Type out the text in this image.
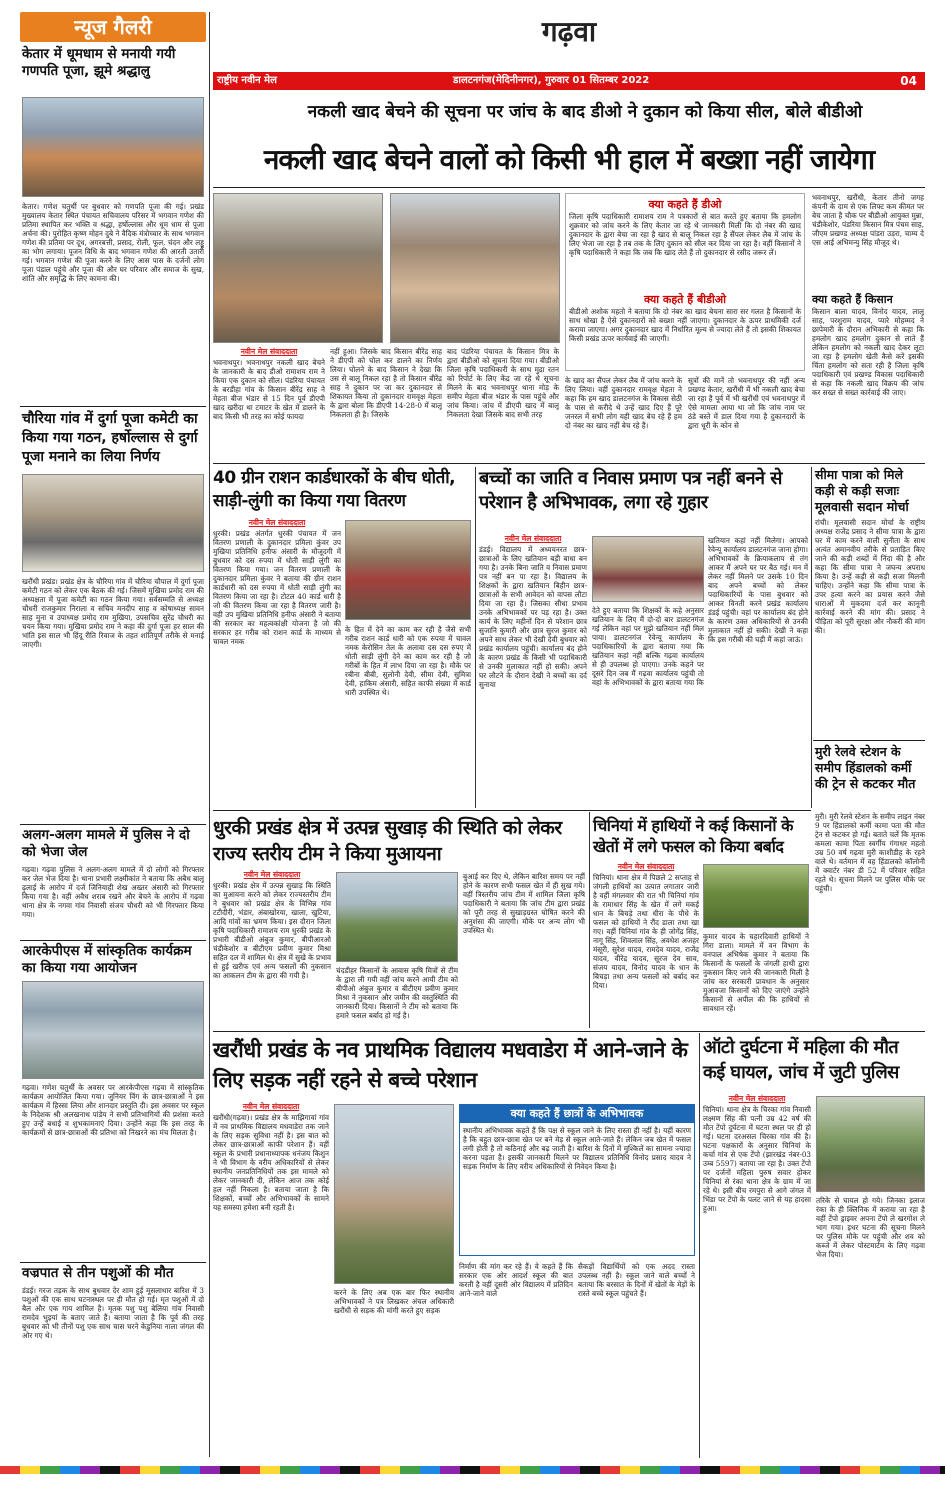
न्यूज गैलरी
केतार में धूमधाम से मनायी गयी गणपति पूजा, झूमे श्रद्धालु
केतार। गणेश चतुर्थी पर बुधवार को गणपति पूजा की गई। प्रखंड मुख्यालय केतार स्थित पंचायत सचिवालय परिसर में भगवान गणेश की प्रतिमा स्थापित कर भक्ति व श्रद्धा, हर्षोल्लास और धूम धाम से पूजा अर्चना की। पुरोहित कृष्ण मोहन दुबे ने वैदिक मंत्रोच्चार के साथ भगवान गणेश की प्रतिमा पर दूध, अगरबत्ती, प्रसाद, रोली, फूल, चंदन और लड्डू का भोग लगाया। पूजन विधि के बाद भगवान गणेश की आरती उतारी गई। भगवान गणेश की पूजा करने के लिए आस पास के दर्जनों लोग पूजा पंडाल पहुंचे और पूजा की और घर परिवार और समाज के सुख, शांति और समृद्धि के लिए कामना की।
चौरिया गांव में दुर्गा पूजा कमेटी का किया गया गठन, हर्षोल्लास से दुर्गा पूजा मनाने का लिया निर्णय
खरौंधी प्रखंड। प्रखंड क्षेत्र के चौरिया गांव में चौरिया चौपाल में दुर्गा पूजा कमेटी गठन को लेकर एक बैठक की गई। जिसमें मुखिया प्रमोद राम की अध्यक्षता में पूजा कमेटी का गठन किया गया। सर्वसम्मति से अध्यक्ष चौधरी राजकुमार निराला व सचिव मनदीप साह व कोषाध्यक्ष सावन साह मुना व उपाध्यक्ष प्रमोद राम मुखिया, उपसचिव सुरेंद्र चौधरी का चयन किया गया। मुखिया प्रमोद राम ने कहा की दुर्गा पूजा हर साल की भांति इस साल भी हिंदू रीति रिवाज के तहत शांतिपूर्ण तरीके से मनाई जाएगी।
अलग-अलग मामले में पुलिस ने दो को भेजा जेल
गढ़वा। गढ़वा पुलिस ने अलग-अलग मामले में दो लोगों को गिरफ्तार कर जेल भेज दिया है। थाना प्रभारी लक्ष्मीकांत ने बताया कि अबैध बालू ढ़ुलाई के आरोप में दर्ज जिनियाही शेख अख्तर अंसारी को गिरफ्तार किया गया है। वहीं अवैध शराब रखने और बेचने के आरोप में गढ़वा थाना क्षेत्र के नगवा गांव निवासी संजय चौधरी को भी गिरफ्तार किया गया।
आरकेपीएस में सांस्कृतिक कार्यक्रम का किया गया आयोजन
गढ़वा। गणेश चतुर्थी के अवसर पर आरकेपीएस गढ़वा में सांस्कृतिक कार्यक्रम आयोजित किया गया। जुनियर विंग के छात्र-छात्राओं ने इस कार्यक्रम में हिस्सा लिया और शानदार प्रस्तुति दी। इस अवसर पर स्कूल के निदेशक श्री अलखनाथ पांडेय ने सभी प्रतिभागियों की प्रशंसा करते हुए उन्हें बधाई व शुभकामनाएं दिया। उन्होंने कहा कि इस तरह के कार्यक्रमों से छात्र-छात्राओं की प्रतिभा को निखरने का मंच मिलता है।
वज्रपात से तीन पशुओं की मौत
डंडई। गरज तड़क के साथ बुधवार देर शाम हुई मूसलाधार बारिश में 3 पशुओं की एक साथ घटनास्थल पर ही मौत हो गई। मृत पशुओं में दो बैल और एक गाय शामिल है। मृतक पशु पशु बेलिया गांव निवासी रामदेव भुइयां के बताए जाते हैं। बताया जाता है कि पूर्व की तरह बुधवार को भी तीनों पशु एक साथ चास चरने केडुनिया नाला जंगल की ओर गए थे।
गढ़वा
राष्ट्रीय नवीन मेल	डालटनगंज(मेदिनीनगर), गुरुवार 01 सितम्बर 2022	04
नकली खाद बेचने की सूचना पर जांच के बाद डीओ ने दुकान को किया सील, बोले बीडीओ
नकली खाद बेचने वालों को किसी भी हाल में बख्शा नहीं जायेगा
नवीन मेल संवाददाता
भवनाथपुर। भवनाथपुर नकली खाद बेचने के जानकारी के बाद डीओ रामाशय राम ने किया एक दुकान को सील। पंडरिया पंचायत के बरडीहा गांव के किसान बीरेंद्र साह ने मेहता बीज भंडार से 15 दिन पूर्व डीएपी खाद खरीदा था टमाटर के खेत में डालने के बाद किसी भी तरह का कोई फायदा
नहीं हुआ। जिसके बाद किसान बीरेंद्र साह ने डीएपी को घोल कर डालने का निर्णय लिया। घोलने के बाद किसान ने देखा कि उस से बालू निकल रहा है तो किसान बीरेंद्र साह ने दुकान पर जा कर दुकानदार से शिकायत किया तो दुकानदार रामवृक्ष मेहता के द्वारा बोला कि डीएपी 14-28-0 में बालू निकलता ही है। जिसके
बाद पंडरिया पंचायत के किसान मित्र के द्वारा बीडीओ को सूचना दिया गया। बीडीओ जिला कृषि पदाधिकारी के साथ मुद्रा रतन को रिपोर्ट के लिए केंद्र जा रहे थे सूचना मिलने के बाद भवनाथपुर थाना मोड़ के समीप मेहता बीज भंडार के पास पहुंचे और जांच किया। जांच में डीएपी खाद में बालू निकलता देखा जिसके बाद सभी तरह
क्या कहते हैं डीओ
जिला कृषि पदाधिकारी रामाशय राम ने पत्रकारों से बात करते हुए बताया कि हमलोग शुक्रवार को जांच करने के लिए केतार जा रहे थे जानकारी मिली कि दो नंबर की खाद दुकानदार के द्वारा बेचा जा रहा है खाद से बालू निकल रहा है सैंपल लेकर लैब में जांच के लिए भेजा जा रहा है तब तक के लिए दुकान को सील कर दिया जा रहा है। वहीं किसानों ने कृषि पदाधिकारी ने कहा कि जब कि खाद लेते हैं तो दुकानदार से रसीद जरूर लें।
क्या कहते हैं बीडीओ
बीडीओ अशोक महतो ने बताया कि दो नंबर का खाद बेचना सारा सर गलत है किसानों के साथ धोखा है ऐसे दुकानदारों को बख्शा नहीं जाएगा। दुकानदार के ऊपर प्राथमिकी दर्ज कराया जाएगा। अगर दुकानदार खाद में निर्धारित मूल्य से ज्यादा लेते हैं तो इसकी शिकायत किसी प्रखंड ऊपर कार्यवाई की जाएगी।
के खाद का सैंपल लेकर लैब में जांच करने के लिए लिया। वहीं दुकानदार रामवृक्ष मेहता ने कहा कि हम खाद डालटनगंज के विकास सेठी के पास से करीदे थे उन्हें खाद दिए हैं पूरे जनरल में सभी लोग यही खाद बेच रहे हैं हम दो नंबर का खाद नहीं बेच रहे हैं।
सूत्रों की मानें तो भवनाथपुर की नहीं अन्य प्रखण्ड केतार, खरौंधी में भी नकली खाद बेचा जा रहा है पूर्व में भी खरौंधी एवं भवनाथपुर में ऐसे मामला आया था जो कि जांच नाम पर ठंडे बस्ते में डाल दिया गया है दुकानदारों के द्वारा धूरी के कोन से
भवनाथपुर, खरौंधी, केतार तीनो जगह कंपनी के दाम से एक लिफ्ट कम कीमत पर बेच जाता है चौक पर बीडीओ आयुक्त मुन्ना, चंडीकेशोर, पंडरिया किसान मित्र पंचम साह, जीएम प्रखण्ड अध्यक्ष पांडरा उड़रा, चाम्य दे एस आई अभिमन्यु सिंह मौजूद थे।
क्या कहते हैं किसान
किसान बाला यादव, विनोद यादव, लालू साह, परशुराम यादव, प्यारे मोहम्मद ने छापेमारी के दौरान अभिकारी से कहा कि हमलोग खाद हमलोग दुकान से लाते हैं लेकिन हमलोग को नकली खाद देकर लूटा जा रहा है हमलोग खेती कैसे करें इसकी चिंता हमलोग को सता रही है जिला कृषि पदाधिकारी एवं प्रखण्ड विकास पदाधिकारी से कहा कि नकली खाद विक्रय की जांच कर सख्त से सख्त कार्रवाई की जाए।
40 ग्रीन राशन कार्डधारकों के बीच धोती, साड़ी-लुंगी का किया गया वितरण
नवीन मेल संवाददाता
धुरकी। प्रखंड अंतर्गत धुरकी पंचायत में जन वितरण प्रणाली के दुकानदार प्रमिला कुंवर उप मुखिया प्रतिनिधि हनीफ अंसारी के मौजूदगी में बुधवार को दस रुपया में धोती साड़ी लुंगी का वितरण किया गया। जन वितरण प्रणाली के दुकानदार प्रमिला कुंवर ने बताया की ग्रीन राशन कार्डधारी को दस रुपया में धोती साड़ी लुंगी का वितरण किया जा रहा है। टोटल 40 कार्ड धारी है जो की वितरण किया जा रहा है वितरण जारी है। वही उप मुखिया प्रतिनिधि हनीफ अंसारी ने बताया की सरकार का महत्वकांक्षी योजना है जो की सरकार हर गरीब को राशन कार्ड के माध्यम से चावल नमक
के हित में देने का काम कर रही है जैसे सभी गरीब राशन कार्ड धारी को एक रुपया में चावल नमक केरोसिन तेल के अलावा दस दस रुपए में धोती साड़ी लुंगी देने का काम कर रही है जो गरीबों के हित में लाभ दिया जा रहा है। मौके पर रबीना बीबी, सुलोनी देवी, सीमा देवी, सुमित्रा देवी, हाकिम अंसारी, सहित काफी संख्या में कार्ड धारी उपस्थित थे।
बच्चों का जाति व निवास प्रमाण पत्र नहीं बनने से परेशान है अभिभावक, लगा रहे गुहार
नवीन मेल संवाददाता
डंडई। विद्यालय में अध्ययनरत छात्र-छात्राओं के लिए खतियान बड़ी बाधा बन गया है। उनके बिना जाति व निवास प्रमाण पत्र नहीं बन पा रहा है। विद्यालय के शिक्षकों के द्वारा खतियान बिहीन छात्र-छात्राओं के सभी आवेदन को वापस लौटा दिया जा रहा है। जिसका सीधा प्रभाव उनके अभिभावकों पर पड़ रहा है। उक्त कार्य के लिए महीनों दिन से परेशान छात्र सुजानि कुमारी और छात्र सुरज कुमार को अपने साथ लेकर भी देखी देवी बुधवार को प्रखंड कार्यालय पहुंची। कार्यालय बंद होने के कारण प्रखंड के किसी भी पदाधिकारी से उनकी मुलाकात नहीं हो सकी। अपने घर लौटने के दौरान देखी ने बच्चों का दर्द सुनाया
देते हुए बताया कि शिक्षकों के कहे अनुसार खतियान के लिए मैं दो-दो बार डालटनगंज गई लेकिन वहां पर मुझे खतियान नहीं मिल पाया। डालटनगंज रेवेन्यू कार्यालय के पदाधिकारियों के द्वारा बताया गया कि खतियान कहां नहीं बल्कि गढ़वा कार्यालय से ही उपलब्ध हो पाएगा। उनके कहने पर दूसरे दिन जब मैं गढ़वा कार्यालय पहुंची तो वहां के अभिभावकों के द्वारा बताया गया कि
खतियान कहां नहीं मिलेगा। आपको रेवेन्यू कार्यालय डालटनगंज जाना होगा। अभिभावकों के क्रियाकलाप से तंग आकर मैं अपने घर पर बैठ गई। मन में लेकर नहीं मिलने पर उसके 10 दिन बाद अपने बच्चों को लेकर पदाधिकारियों के पास बुधवार को आकर विनती करने प्रखंड कार्यालय डंडई पहुंची। वहां पर कार्यालय बंद होने के कारण उक्त अधिकारियों से उनकी मुलाकात नहीं हो सकी। देखी ने कहा कि इस गरीबी की घड़ी मैं कहां जाऊं।
सीमा पात्रा को मिले कड़ी से कड़ी सजाः मूलवासी सदान मोर्चा
रांची। मूलवासी सदान मोर्चा के राष्ट्रीय अध्यक्ष राजेंद्र प्रसाद ने सीमा पात्रा के द्वारा घर में काम करने वाली सुनीता के साथ अत्यंत अमानवीय तरीके से प्रताड़ित किए जाने की कड़ी शब्दों में निंदा की है और कहा कि सीमा पात्रा ने जघन्य अपराध किया है। उन्हें कड़ी से कड़ी सजा मिलनी चाहिए। उन्होंने कहा कि सीमा पात्रा के उपर हत्या करने का प्रयास करने जैसे धाराओं में मुकदमा दर्ज कर कानूनी कार्रवाई करने की मांग की। प्रसाद ने पीड़िता को पूरी सुरक्षा और नौकरी की मांग की।
मुरी रेलवे स्टेशन के समीप हिंडालको कर्मी की ट्रेन से कटकर मौत
मुरी। मुरी रेलवे स्टेशन के समीप लाइन नंबर 9 पर हिंडालको कर्मी कामा पता की मौत ट्रेन से कटकर हो गई। बताते चलें कि मृतक कमला कामा पिता स्वर्गीय गंगाधर महतो उम्र 50 वर्ष गढ़वा मुरी काशीडीह के रहने वाले थे। वर्तमान में वह हिंडालको कॉलोनी में क्वार्टर नंबर डी 52 में परिवार सहित रहते थे। सूचना मिलने पर पुलिस मौके पर पहुंची।
धुरकी प्रखंड क्षेत्र में उत्पन्न सुखाड़ की स्थिति को लेकर राज्य स्तरीय टीम ने किया मुआयना
नवीन मेल संवाददाता
धुरकी। प्रखंड क्षेत्र में उत्पन्न सुखाड़ कि स्थिति का मुआयना करने को लेकर राज्यस्तरीय टीम ने बुधवार को प्रखंड क्षेत्र के विभिन्न गांव टटीदीरी, भंडार, अंबाखोरया, खाला, खुटिया, आदि गांवों का भ्रमण किया। इस दौरान जिला कृषि पदाधिकारी रामाशय राम धुरकी प्रखंड के प्रभारी बीडीओ अंबुज कुमार, बीपीआरओ चंडीकेशोर व बीटीएम प्रवीण कुमार मिश्रा सहित दल में शामिल थे। क्षेत्र में सुखे के प्रभाव से हुई खरीफ एवं अन्य फसलों की नुकसान का आकलन टीम के द्वारा की गयी है।
चंदडीहर किसानों के आवास कृषि मित्रों से टीम के द्वारा ली गयी वहीं जांच करने आयी टीम को बीपीओ अंबुज कुमार व बीटीएम प्रवीण कुमार मिश्रा ने नुकसान और जमीन की वस्तुस्थिति की जानकारी दिया। किसानों ने टीम को बताया कि हमारे फसल बर्बाद हो गई है।
बुआई कर दिए थे, लेकिन बारिश समय पर नहीं होने के कारण सभी फसल खेत में ही सुख गये। वहीं त्रिस्तरीय जांच टीम में शामिल जिला कृषि पदाधिकारी ने बताया कि जांच टीम द्वारा प्रखंड को पूरी तरह से सुखाड़ग्रस्त घोषित करने की अनुशंसा की जाएगी। मौके पर अन्य लोग भी उपस्थित थे।
चिनियां में हाथियों ने कई किसानों के खेतों में लगे फसल को किया बर्बाद
नवीन मेल संवाददाता
चिनियां। थाना क्षेत्र में पिछले 2 सप्ताह से जंगली हाथियों का उत्पात लगातार जारी है वहीं मंगलवार की रात भी चिनियां गांव के रामाधार सिंह के खेत में लगे मकई धान के बिचड़े तथा धीरा के पौधे के फसल को हाथियों ने रौंद डाला तथा खा गए। वहीं चिनियां गांव के ही जोगेंद्र सिंह, नागू सिंह, शिवलाल सिंह, अवधेश अजहर मंसूरी, सुरेश यादव, रामदेव यादव, राजेंद्र यादव, वीरेंद्र यादव, सूरज देव साव, संजय यादव, विनोद यादव के धान के बिचड़ा तथा अन्य फसलों को बर्बाद कर दिया।
कुमार यादव के चहारदिवारी हाथियों ने गिरा डाला। मामले में वन विभाग के वनपाल अभिषेक कुमार ने बताया कि किसानों के फसलों के जंगली हाथी द्वारा नुकसान किए जाने की जानकारी मिली है जांच कर सरकारी प्रावधान के अनुसार मुआवजा किसानों को दिए जाएंगे उन्होंने किसानों से अपील की कि हाथियों से सावधान रहें।
खरौंधी प्रखंड के नव प्राथमिक विद्यालय मधवाडेरा में आने-जाने के लिए सड़क नहीं रहने से बच्चे परेशान
नवीन मेल संवाददाता
खरौंधी(गढ़वा)। प्रखंड क्षेत्र के माझिगावां गांव में नव प्राथमिक विद्यालय मधवाडेरा तक जाने के लिए सड़क सुविधा नहीं है। इस बात को लेकर छात्र-छात्राओं काफी परेशान हैं। वहीं स्कूल के प्रभारी प्रधानाध्यापक धनंजय किशुन ने भी विभाग के वरीय अधिकारियों से लेकर स्थानीय जनप्रतिनिधियों तक इस मामले को लेकर जानकारी दी, लेकिन आज तक कोई हल नहीं निकला है। बताया जाता है कि शिक्षकों, बच्चों और अभिभावकों के सामने यह समस्या हमेशा बनी रहती है।
करने के लिए अब एक बार फिर स्थानीय अभिभावकों ने पत्र लिखकर अंचल अधिकारी खरौंधी से सड़क की मांगी करते हुए सड़क
क्या कहते हैं छात्रों के अभिभावक
स्थानीय अभिभावक कहते हैं कि पक्ष से स्कूल जाने के लिए रास्ता ही नहीं है। यहीं कारण है कि बहुत छात्र-छात्रा खेत पर बने मेड़ से स्कूल आते-जाते हैं। लेकिन जब खेत में फसल लगी होती है तो कठिनाई और बढ़ जाती है। बारिश के दिनों में मुश्किलें का सामना ज्यादा करना पड़ता है। इसकी जानकारी मिलने पर विद्यालय प्रतिनिधि विनोद प्रसाद यादव ने सड़क निर्माण के लिए वरीय अधिकारियों से निवेदन किया है।
निर्माण की मांग कर रहे हैं। वे कहते हैं कि सरकार एक ओर आदर्श स्कूल की बात करती है वहीं दूसरी ओर विद्यालय में प्रतिदिन आने-जाने वाले
सैकड़ों विद्यार्थियों को एक अदद रास्ता उपलब्ध नहीं है। स्कूल जाने वाले बच्चों ने बताया कि बरसात के दिनों में खेतों के मेड़ों के रास्ते बच्चे स्कूल पहुंचते हैं।
ऑटो दुर्घटना में महिला की मौत कई घायल, जांच में जुटी पुलिस
नवीन मेल संवाददाता
चिनियां। थाना क्षेत्र के चिरका गांव निवासी लक्ष्मण सिंह की पत्नी उम्र 42 वर्ष की मौत टेंपो दुर्घटना में घटना स्थल पर ही हो गई। घटना दरअसल चिरका गांव की है। घटना पक्षकारों के अनुसार चिनियां के कर्चा गांव से एक टेंपो (झारखंड नंबर-03 उम्ब 5597) बताया जा रहा है। उक्त टेंपो पर दर्जनों महिला पुरुष सवार होकर चिनियां से रंका थाना क्षेत्र के ग्राम में जा रहे थे। इसी बीच रमपुरा से आगे जंगल में भिंडा पर टेंपो के पलट जाने से यह हादसा हुआ।
तरिके से घायल हो गये। जिनका इलाज रंका के ही क्लिनिक में कराया जा रहा है वहीं टेंपो ड्राइवर अपना टेंपो ले खरगोश ले भाग गया। इधर घटना की सूचना मिलने पर पुलिस मौके पर पहुंची और शव को कब्जे में लेकर पोस्टमार्टम के लिए गढ़वा भेज दिया।
